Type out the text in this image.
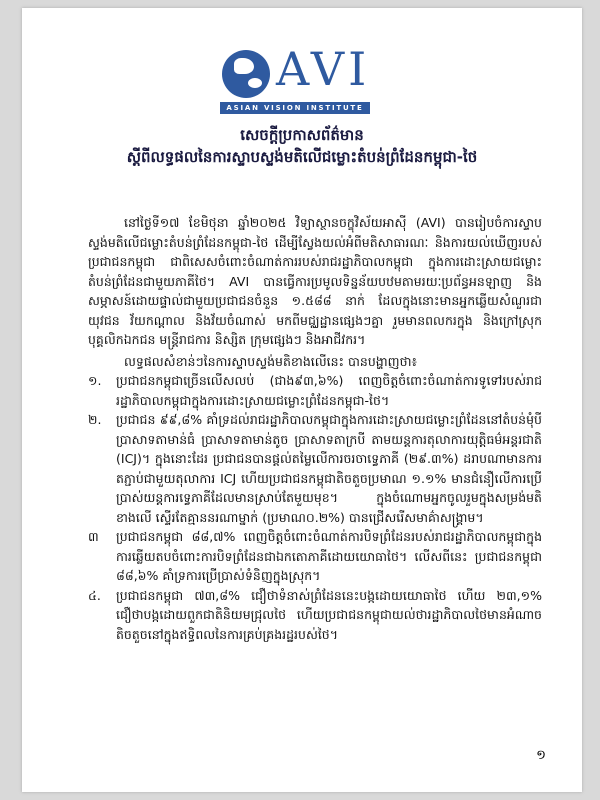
AVI
ASIAN VISION INSTITUTE
សេចក្តីប្រកាសព័ត៌មាន
ស្តីពីលទ្ធផលនៃការស្ទាបស្ទង់មតិលើជម្លោះតំបន់ព្រំដែនកម្ពុជា-ថៃ

នៅថ្ងៃទី១៧ ខែមិថុនា ឆ្នាំ២០២៥ វិទ្យាស្ថានចក្ខុវិស័យអាស៊ី (AVI) បានរៀបចំការស្ទាបស្ទង់មតិលើជម្លោះតំបន់ព្រំដែនកម្ពុជា-ថៃ ដើម្បីស្វែងយល់អំពីមតិសាធារណៈ និងការយល់ឃើញរបស់ប្រជាជនកម្ពុជា ជាពិសេសចំពោះចំណាត់ការរបស់រាជរដ្ឋាភិបាលកម្ពុជា ក្នុងការដោះស្រាយជម្លោះតំបន់ព្រំដែនជាមួយភាគីថៃ។ AVI បានធ្វើការប្រមូលទិន្នន័យបឋមតាមរយៈប្រព័ន្ធអនឡាញ និងសម្ភាសន៍ដោយផ្ទាល់ជាមួយប្រជាជនចំនួន ១.៥៨៨ នាក់ ដែលក្នុងនោះមានអ្នកឆ្លើយសំណួរជាយុវជន វ័យកណ្ដាល និងវ័យចំណាស់ មកពីមជ្ឈដ្ឋានផ្សេងៗគ្នា រួមមានពលករក្នុង និងក្រៅស្រុក បុគ្គលិកឯកជន មន្ត្រីរាជការ និស្សិត ក្រុមផ្សេងៗ និងអាជីវករ។

លទ្ធផលសំខាន់ៗនៃការស្ទាបស្ទង់មតិខាងលើនេះ បានបង្ហាញថា៖

១. ប្រជាជនកម្ពុជាច្រើនលើសលប់ (ជាង៩៣,៦%) ពេញចិត្តចំពោះចំណាត់ការទូទៅរបស់រាជរដ្ឋាភិបាលកម្ពុជាក្នុងការដោះស្រាយជម្លោះព្រំដែនកម្ពុជា-ថៃ។
២. ប្រជាជន ៩៩,៨% គាំទ្រដល់រាជរដ្ឋាភិបាលកម្ពុជាក្នុងការដោះស្រាយជម្លោះព្រំដែននៅតំបន់មុំបី ប្រាសាទតាមាន់ធំ ប្រាសាទតាមាន់តូច ប្រាសាទតាក្របី តាមយន្តការតុលាការយុត្តិធម៌អន្តរជាតិ (ICJ)។ ក្នុងនោះដែរ ប្រជាជនបានផ្ដល់តម្លៃលើការចរចាទ្វេភាគី (២៩.៣%) ដរាបណាមានការតភ្ជាប់ជាមួយតុលាការ ICJ ហើយប្រជាជនកម្ពុជាតិចតួចប្រមាណ ១.១% មានជំនឿលើការប្រើប្រាស់យន្តការទ្វេភាគីដែលមានស្រាប់តែមួយមុខ។ ក្នុងចំណោមអ្នកចូលរួមក្នុងសម្រង់មតិខាងលើ ស្ទើរតែគ្មាននរណាម្នាក់ (ប្រមាណ០.២%) បានជ្រើសរើសមាគ៌ាសង្គ្រាម។
៣ ប្រជាជនកម្ពុជា ៨៨,៧% ពេញចិត្តចំពោះចំណាត់ការបិទព្រំដែនរបស់រាជរដ្ឋាភិបាលកម្ពុជាក្នុងការឆ្លើយតបចំពោះការបិទព្រំដែនជាឯកតោភាគីដោយយោធាថៃ។ លើសពីនេះ ប្រជាជនកម្ពុជា ៨៨,៦% គាំទ្រការប្រើប្រាស់ទំនិញក្នុងស្រុក។
៤. ប្រជាជនកម្ពុជា ៧៣,៨% ជឿថាទំនាស់ព្រំដែននេះបង្កដោយយោធាថៃ ហើយ ២៣,១% ជឿថាបង្កដោយពួកជាតិនិយមជ្រុលថៃ ហើយប្រជាជនកម្ពុជាយល់ថារដ្ឋាភិបាលថៃមានអំណាចតិចតួចនៅក្នុងឥទ្ធិពលនៃការគ្រប់គ្រងរដ្ឋរបស់ថៃ។
១
